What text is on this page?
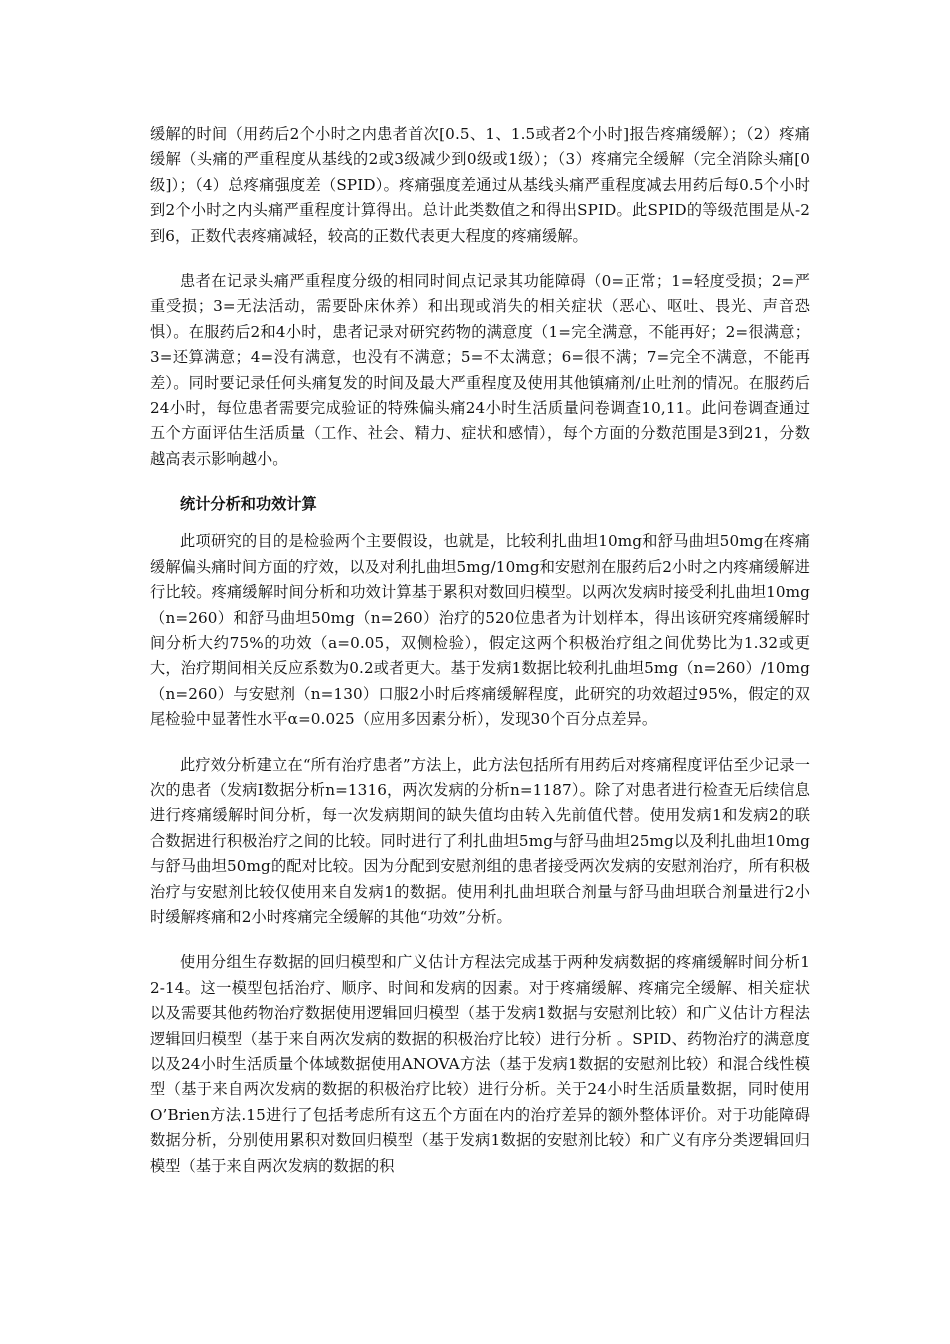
缓解的时间（用药后2个小时之内患者首次[0.5、1、1.5或者2个小时]报告疼痛缓解）；（2）疼痛缓解（头痛的严重程度从基线的2或3级减少到0级或1级）；（3）疼痛完全缓解（完全消除头痛[0级]）；（4）总疼痛强度差（SPID）。疼痛强度差通过从基线头痛严重程度减去用药后每0.5个小时到2个小时之内头痛严重程度计算得出。总计此类数值之和得出SPID。此SPID的等级范围是从-2到6，正数代表疼痛减轻，较高的正数代表更大程度的疼痛缓解。

患者在记录头痛严重程度分级的相同时间点记录其功能障碍（0=正常；1=轻度受损；2=严重受损；3=无法活动，需要卧床休养）和出现或消失的相关症状（恶心、呕吐、畏光、声音恐惧）。在服药后2和4小时，患者记录对研究药物的满意度（1=完全满意，不能再好；2=很满意；3=还算满意；4=没有满意，也没有不满意；5=不太满意；6=很不满；7=完全不满意，不能再差）。同时要记录任何头痛复发的时间及最大严重程度及使用其他镇痛剂/止吐剂的情况。在服药后24小时，每位患者需要完成验证的特殊偏头痛24小时生活质量问卷调查10,11。此问卷调查通过五个方面评估生活质量（工作、社会、精力、症状和感情），每个方面的分数范围是3到21，分数越高表示影响越小。

统计分析和功效计算

此项研究的目的是检验两个主要假设，也就是，比较利扎曲坦10mg和舒马曲坦50mg在疼痛缓解偏头痛时间方面的疗效，以及对利扎曲坦5mg/10mg和安慰剂在服药后2小时之内疼痛缓解进行比较。疼痛缓解时间分析和功效计算基于累积对数回归模型。以两次发病时接受利扎曲坦10mg（n=260）和舒马曲坦50mg（n=260）治疗的520位患者为计划样本，得出该研究疼痛缓解时间分析大约75%的功效（a=0.05，双侧检验），假定这两个积极治疗组之间优势比为1.32或更大，治疗期间相关反应系数为0.2或者更大。基于发病1数据比较利扎曲坦5mg（n=260）/10mg（n=260）与安慰剂（n=130）口服2小时后疼痛缓解程度，此研究的功效超过95%，假定的双尾检验中显著性水平α=0.025（应用多因素分析），发现30个百分点差异。

此疗效分析建立在“所有治疗患者”方法上，此方法包括所有用药后对疼痛程度评估至少记录一次的患者（发病I数据分析n=1316，两次发病的分析n=1187）。除了对患者进行检查无后续信息进行疼痛缓解时间分析，每一次发病期间的缺失值均由转入先前值代替。使用发病1和发病2的联合数据进行积极治疗之间的比较。同时进行了利扎曲坦5mg与舒马曲坦25mg以及利扎曲坦10mg与舒马曲坦50mg的配对比较。因为分配到安慰剂组的患者接受两次发病的安慰剂治疗，所有积极治疗与安慰剂比较仅使用来自发病1的数据。使用利扎曲坦联合剂量与舒马曲坦联合剂量进行2小时缓解疼痛和2小时疼痛完全缓解的其他“功效”分析。

使用分组生存数据的回归模型和广义估计方程法完成基于两种发病数据的疼痛缓解时间分析12-14。这一模型包括治疗、顺序、时间和发病的因素。对于疼痛缓解、疼痛完全缓解、相关症状以及需要其他药物治疗数据使用逻辑回归模型（基于发病1数据与安慰剂比较）和广义估计方程法逻辑回归模型（基于来自两次发病的数据的积极治疗比较）进行分析 。SPID、药物治疗的满意度以及24小时生活质量个体域数据使用ANOVA方法（基于发病1数据的安慰剂比较）和混合线性模型（基于来自两次发病的数据的积极治疗比较）进行分析。关于24小时生活质量数据，同时使用O’Brien方法.15进行了包括考虑所有这五个方面在内的治疗差异的额外整体评价。对于功能障碍数据分析，分别使用累积对数回归模型（基于发病1数据的安慰剂比较）和广义有序分类逻辑回归模型（基于来自两次发病的数据的积
